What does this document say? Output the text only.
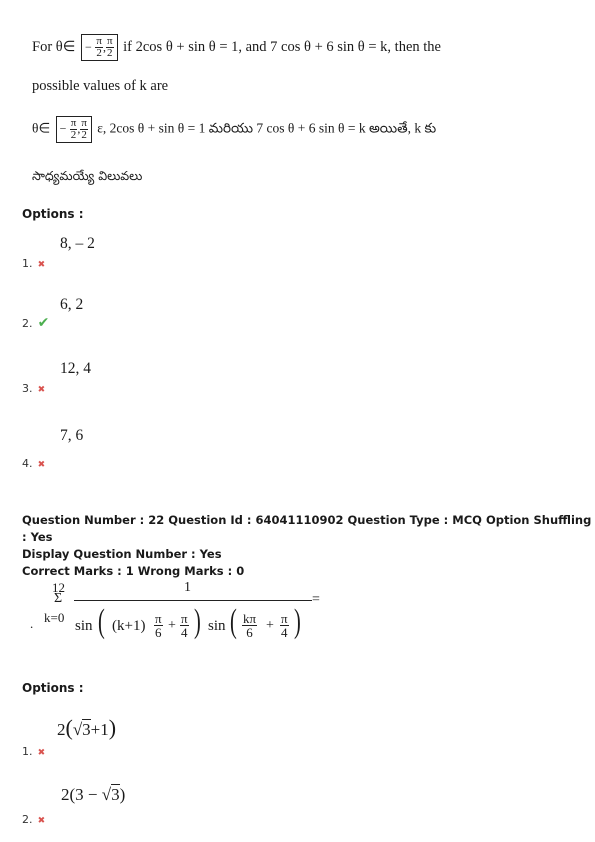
For θ∈ − $\frac{\pi}{2}$ , $\frac{\pi}{2}$ if 2cos θ + sin θ = 1, and 7 cos θ + 6 sin θ = k, then the
possible values of k are
θ∈ − $\frac{\pi}{2}$ , $\frac{\pi}{2} \varepsilon$, 2cos θ + sin θ = 1 మరియు 7 cos θ + 6 sin θ = k అయితే, k కు
సాధ్యమయ్యే విలువలు
Options :
8, – 2
1. ✖
6, 2
2. ✔
12, 4
3. ✖
7, 6
4. ✖
Question Number : 22 Question Id : 64041110902 Question Type : MCQ Option Shuffling : Yes
Display Question Number : Yes
Correct Marks : 1 Wrong Marks : 0
.
12
Σ
k=0
1
sin ( $(k+1) \frac{\pi}{6} + \frac{\pi}{4}$ ) sin ( $\frac{k\pi}{6} + \frac{\pi}{4}$ )
=
Options :
2(√3+1)
1. ✖
2(3 − √3)
2. ✖
